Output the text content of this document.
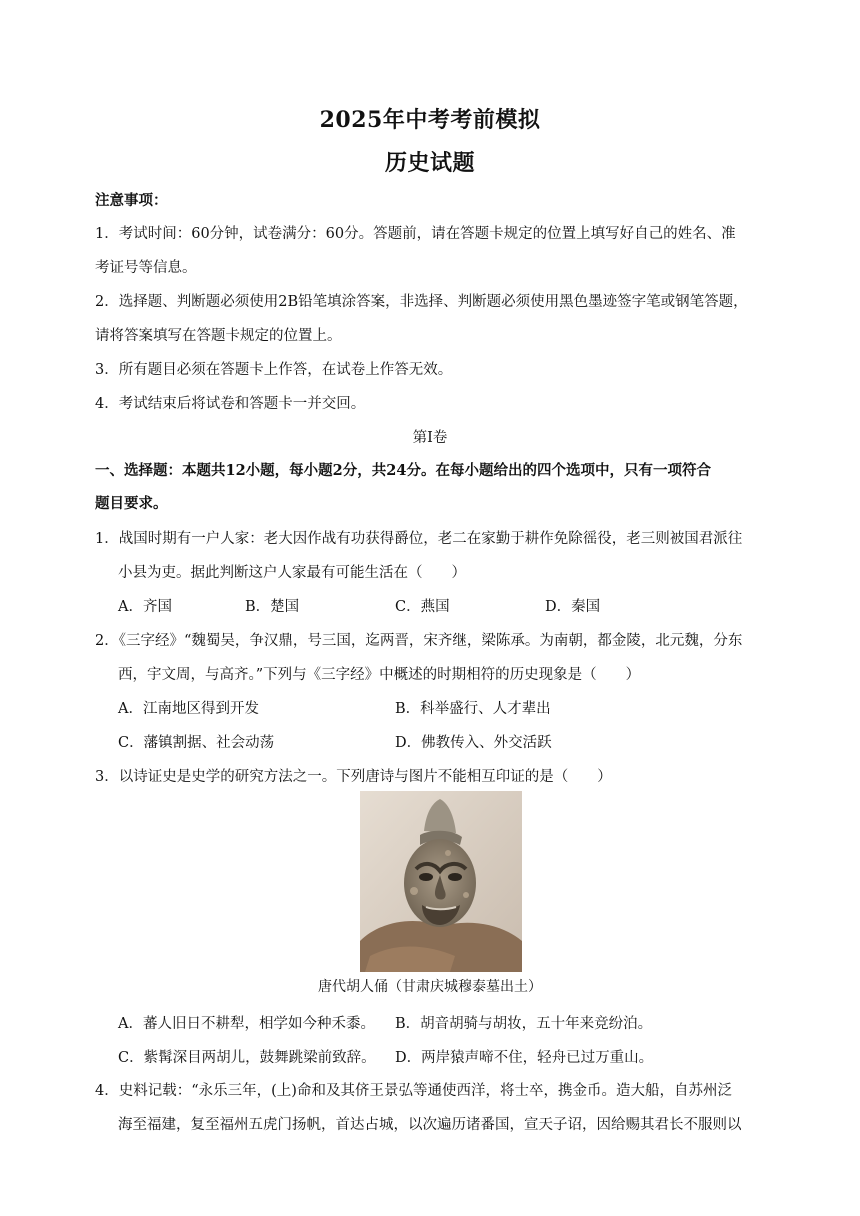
2025年中考考前模拟
历史试题
注意事项：
1．考试时间：60分钟，试卷满分：60分。答题前，请在答题卡规定的位置上填写好自己的姓名、准
考证号等信息。
2．选择题、判断题必须使用2B铅笔填涂答案，非选择、判断题必须使用黑色墨迹签字笔或钢笔答题，
请将答案填写在答题卡规定的位置上。
3．所有题目必须在答题卡上作答，在试卷上作答无效。
4．考试结束后将试卷和答题卡一并交回。
第Ⅰ卷
一、选择题：本题共12小题，每小题2分，共24分。在每小题给出的四个选项中，只有一项符合
题目要求。
1．战国时期有一户人家：老大因作战有功获得爵位，老二在家勤于耕作免除徭役，老三则被国君派往
小县为吏。据此判断这户人家最有可能生活在（　　）
A．齐国	B．楚国	C．燕国	D．秦国
2．《三字经》“魏蜀吴，争汉鼎，号三国，迄两晋，宋齐继，梁陈承。为南朝，都金陵，北元魏，分东
西，宇文周，与高齐。”下列与《三字经》中概述的时期相符的历史现象是（　　）
A．江南地区得到开发	B．科举盛行、人才辈出
C．藩镇割据、社会动荡	D．佛教传入、外交活跃
3．以诗证史是史学的研究方法之一。下列唐诗与图片不能相互印证的是（　　）
唐代胡人俑（甘肃庆城穆泰墓出土）
A．蕃人旧日不耕犁，相学如今种禾黍。 B．胡音胡骑与胡妆，五十年来竞纷泊。
C．紫髯深目两胡儿，鼓舞跳梁前致辞。 D．两岸猿声啼不住，轻舟已过万重山。
4．史料记载：“永乐三年，(上)命和及其侪王景弘等通使西洋，将士卒，携金币。造大船，自苏州泛
海至福建，复至福州五虎门扬帆，首达占城，以次遍历诸番国，宣天子诏，因给赐其君长不服则以
